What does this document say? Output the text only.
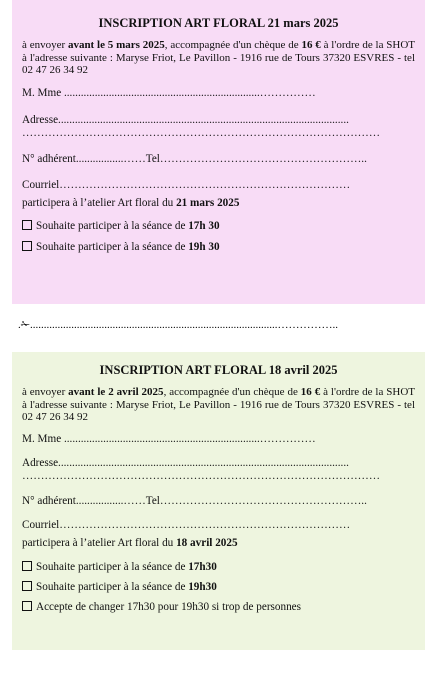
INSCRIPTION ART FLORAL 21 mars 2025

à envoyer avant le 5 mars 2025, accompagnée d'un chèque de 16 € à l'ordre de la SHOT à l'adresse suivante : Maryse Friot, Le Pavillon - 1916 rue de Tours 37320 ESVRES - tel 02 47 26 34 92
M. Mme ......................................................................……………
Adresse........................................................................................................
……………………………………………………………………………………
N° adhérent.................……Tel………………………………………………..
Courriel……………………………………………………………………
participera à l’atelier Art floral du 21 mars 2025
Souhaite participer à la séance de 17h 30
Souhaite participer à la séance de 19h 30
.✁..........................................................................................……………..

INSCRIPTION ART FLORAL 18 avril 2025

à envoyer avant le 2 avril 2025, accompagnée d'un chèque de 16 € à l'ordre de la SHOT à l'adresse suivante : Maryse Friot, Le Pavillon - 1916 rue de Tours 37320 ESVRES - tel 02 47 26 34 92
M. Mme ......................................................................……………
Adresse........................................................................................................
……………………………………………………………………………………
N° adhérent.................……Tel………………………………………………..
Courriel……………………………………………………………………
participera à l’atelier Art floral du 18 avril 2025
Souhaite participer à la séance de 17h30
Souhaite participer à la séance de 19h30
Accepte de changer 17h30 pour 19h30 si trop de personnes
